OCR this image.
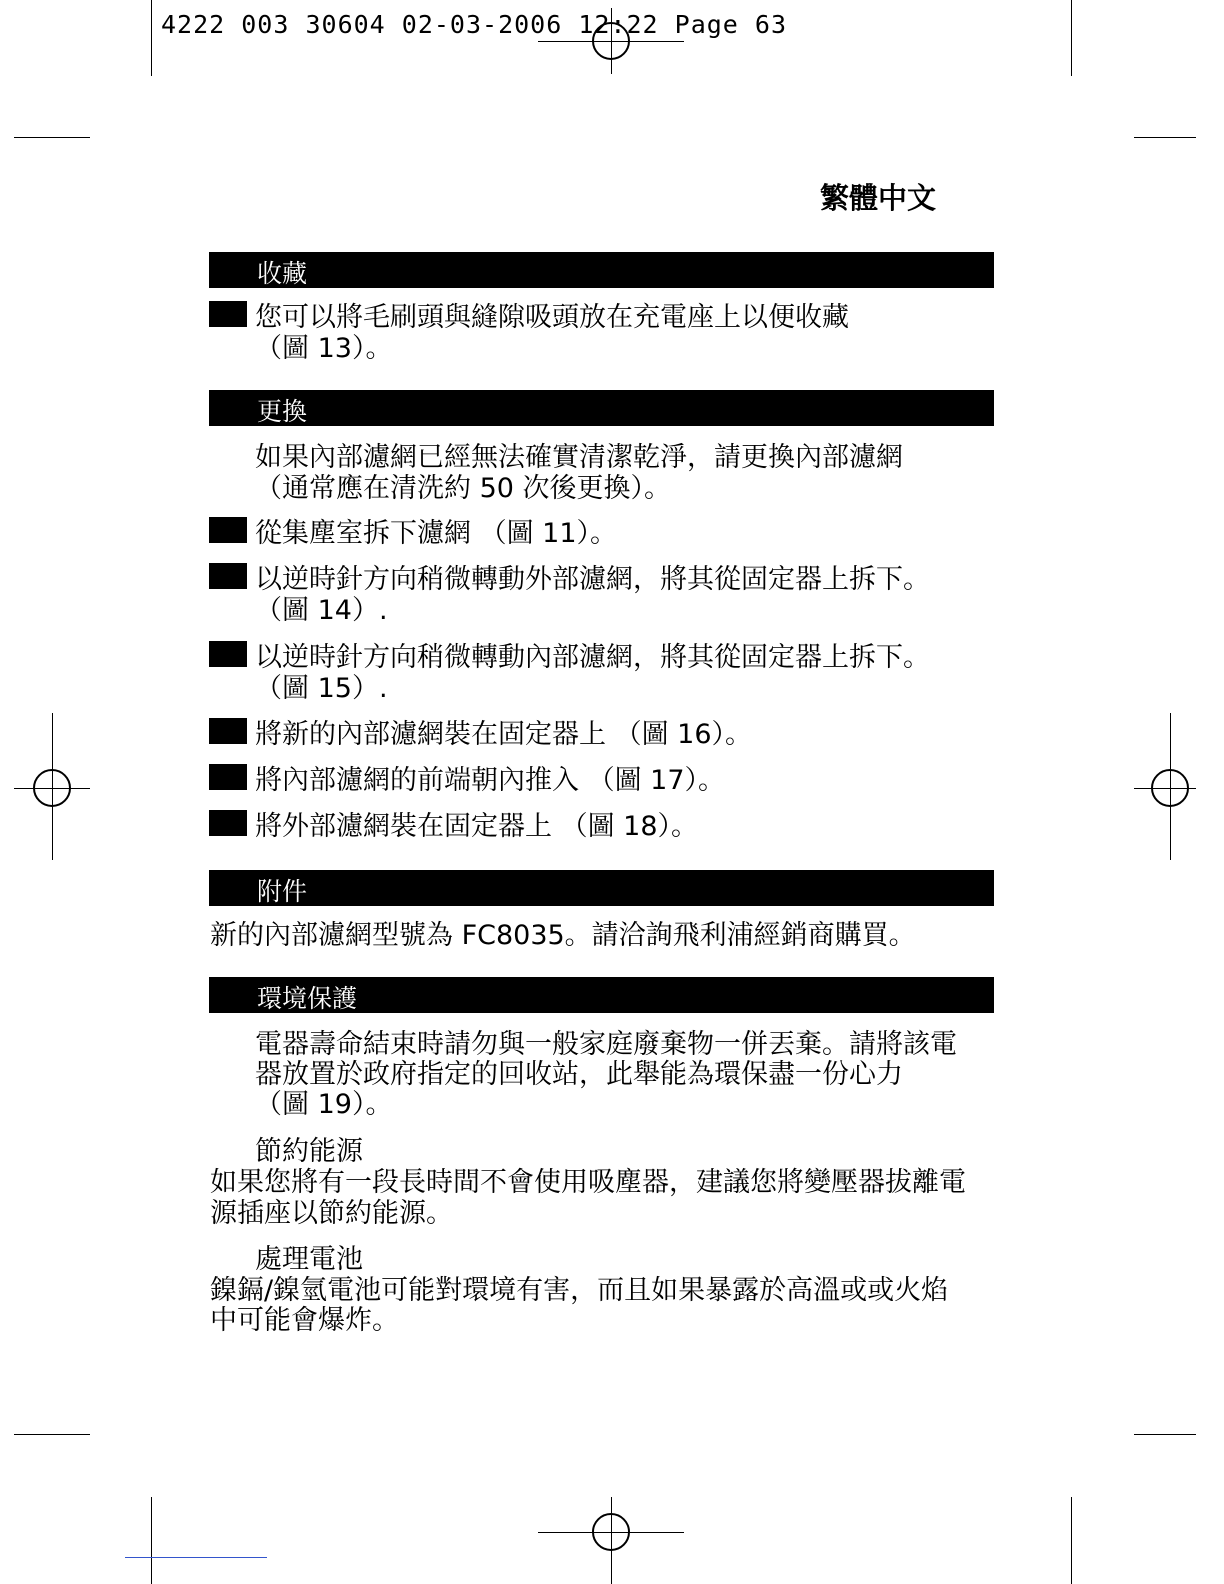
4222 003 30604 02-03-2006 12:22 Page 63
繁體中文
收藏
您可以將毛刷頭與縫隙吸頭放在充電座上以便收藏
（圖 13）。
更換
如果內部濾網已經無法確實清潔乾淨，請更換內部濾網
（通常應在清洗約 50 次後更換）。
從集塵室拆下濾網 （圖 11）。
以逆時針方向稍微轉動外部濾網，將其從固定器上拆下。
（圖 14）.
以逆時針方向稍微轉動內部濾網，將其從固定器上拆下。
（圖 15）.
將新的內部濾網裝在固定器上 （圖 16）。
將內部濾網的前端朝內推入 （圖 17）。
將外部濾網裝在固定器上 （圖 18）。
附件
新的內部濾網型號為 FC8035。請洽詢飛利浦經銷商購買。
環境保護
電器壽命結束時請勿與一般家庭廢棄物一併丟棄。請將該電
器放置於政府指定的回收站，此舉能為環保盡一份心力
（圖 19）。
節約能源
如果您將有一段長時間不會使用吸塵器，建議您將變壓器拔離電
源插座以節約能源。
處理電池
鎳鎘/鎳氫電池可能對環境有害，而且如果暴露於高溫或或火焰
中可能會爆炸。
